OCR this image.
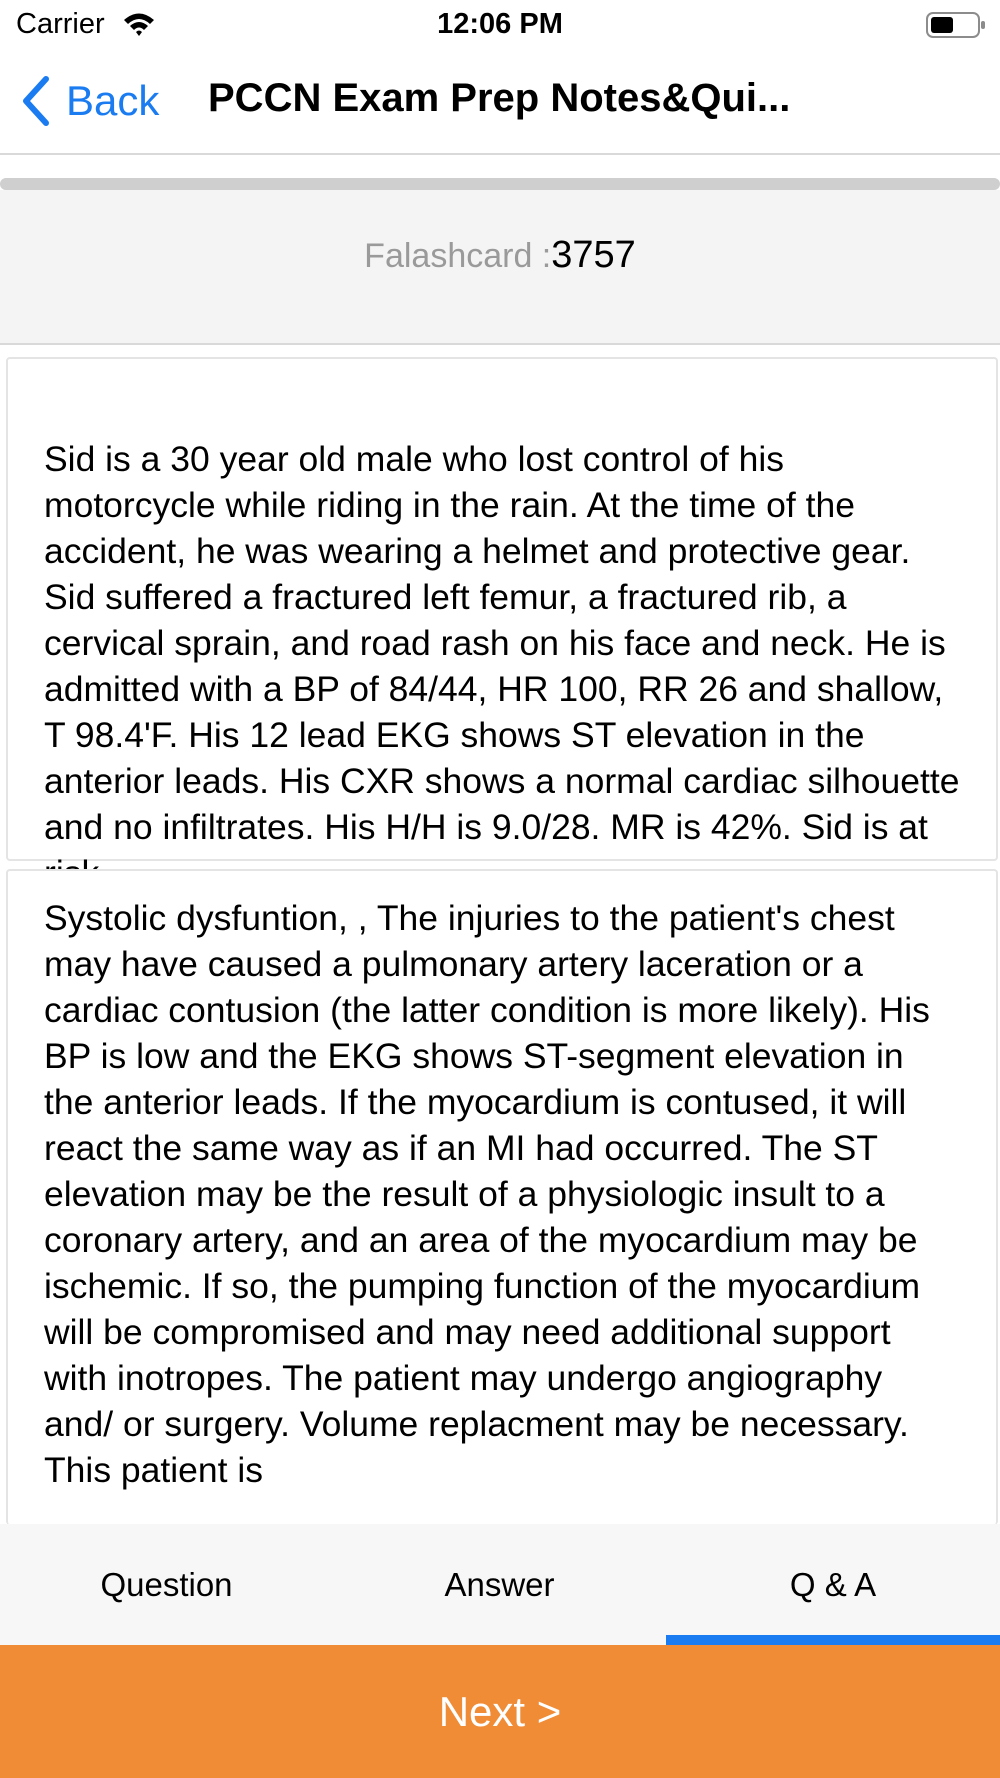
Carrier	12:06 PM
Back PCCN Exam Prep Notes&Qui...
Falashcard :3757

Sid is a 30 year old male who lost control of his motorcycle while riding in the rain. At the time of the accident, he was wearing a helmet and protective gear. Sid suffered a fractured left femur, a fractured rib, a cervical sprain, and road rash on his face and neck. He is admitted with a BP of 84/44, HR 100, RR 26 and shallow, T 98.4'F. His 12 lead EKG shows ST elevation in the anterior leads. His CXR shows a normal cardiac silhouette and no infiltrates. His H/H is 9.0/28. MR is 42%. Sid is at

Systolic dysfuntion, , The injuries to the patient's chest may have caused a pulmonary artery laceration or a cardiac contusion (the latter condition is more likely). His BP is low and the EKG shows ST-segment elevation in the anterior leads. If the myocardium is contused, it will react the same way as if an MI had occurred. The ST elevation may be the result of a physiologic insult to a coronary artery, and an area of the myocardium may be ischemic. If so, the pumping function of the myocardium will be compromised and may need additional support with inotropes. The patient may undergo angiography and/ or surgery. Volume replacment may be necessary. This patient is

Question	Answer	Q & A
Next >
